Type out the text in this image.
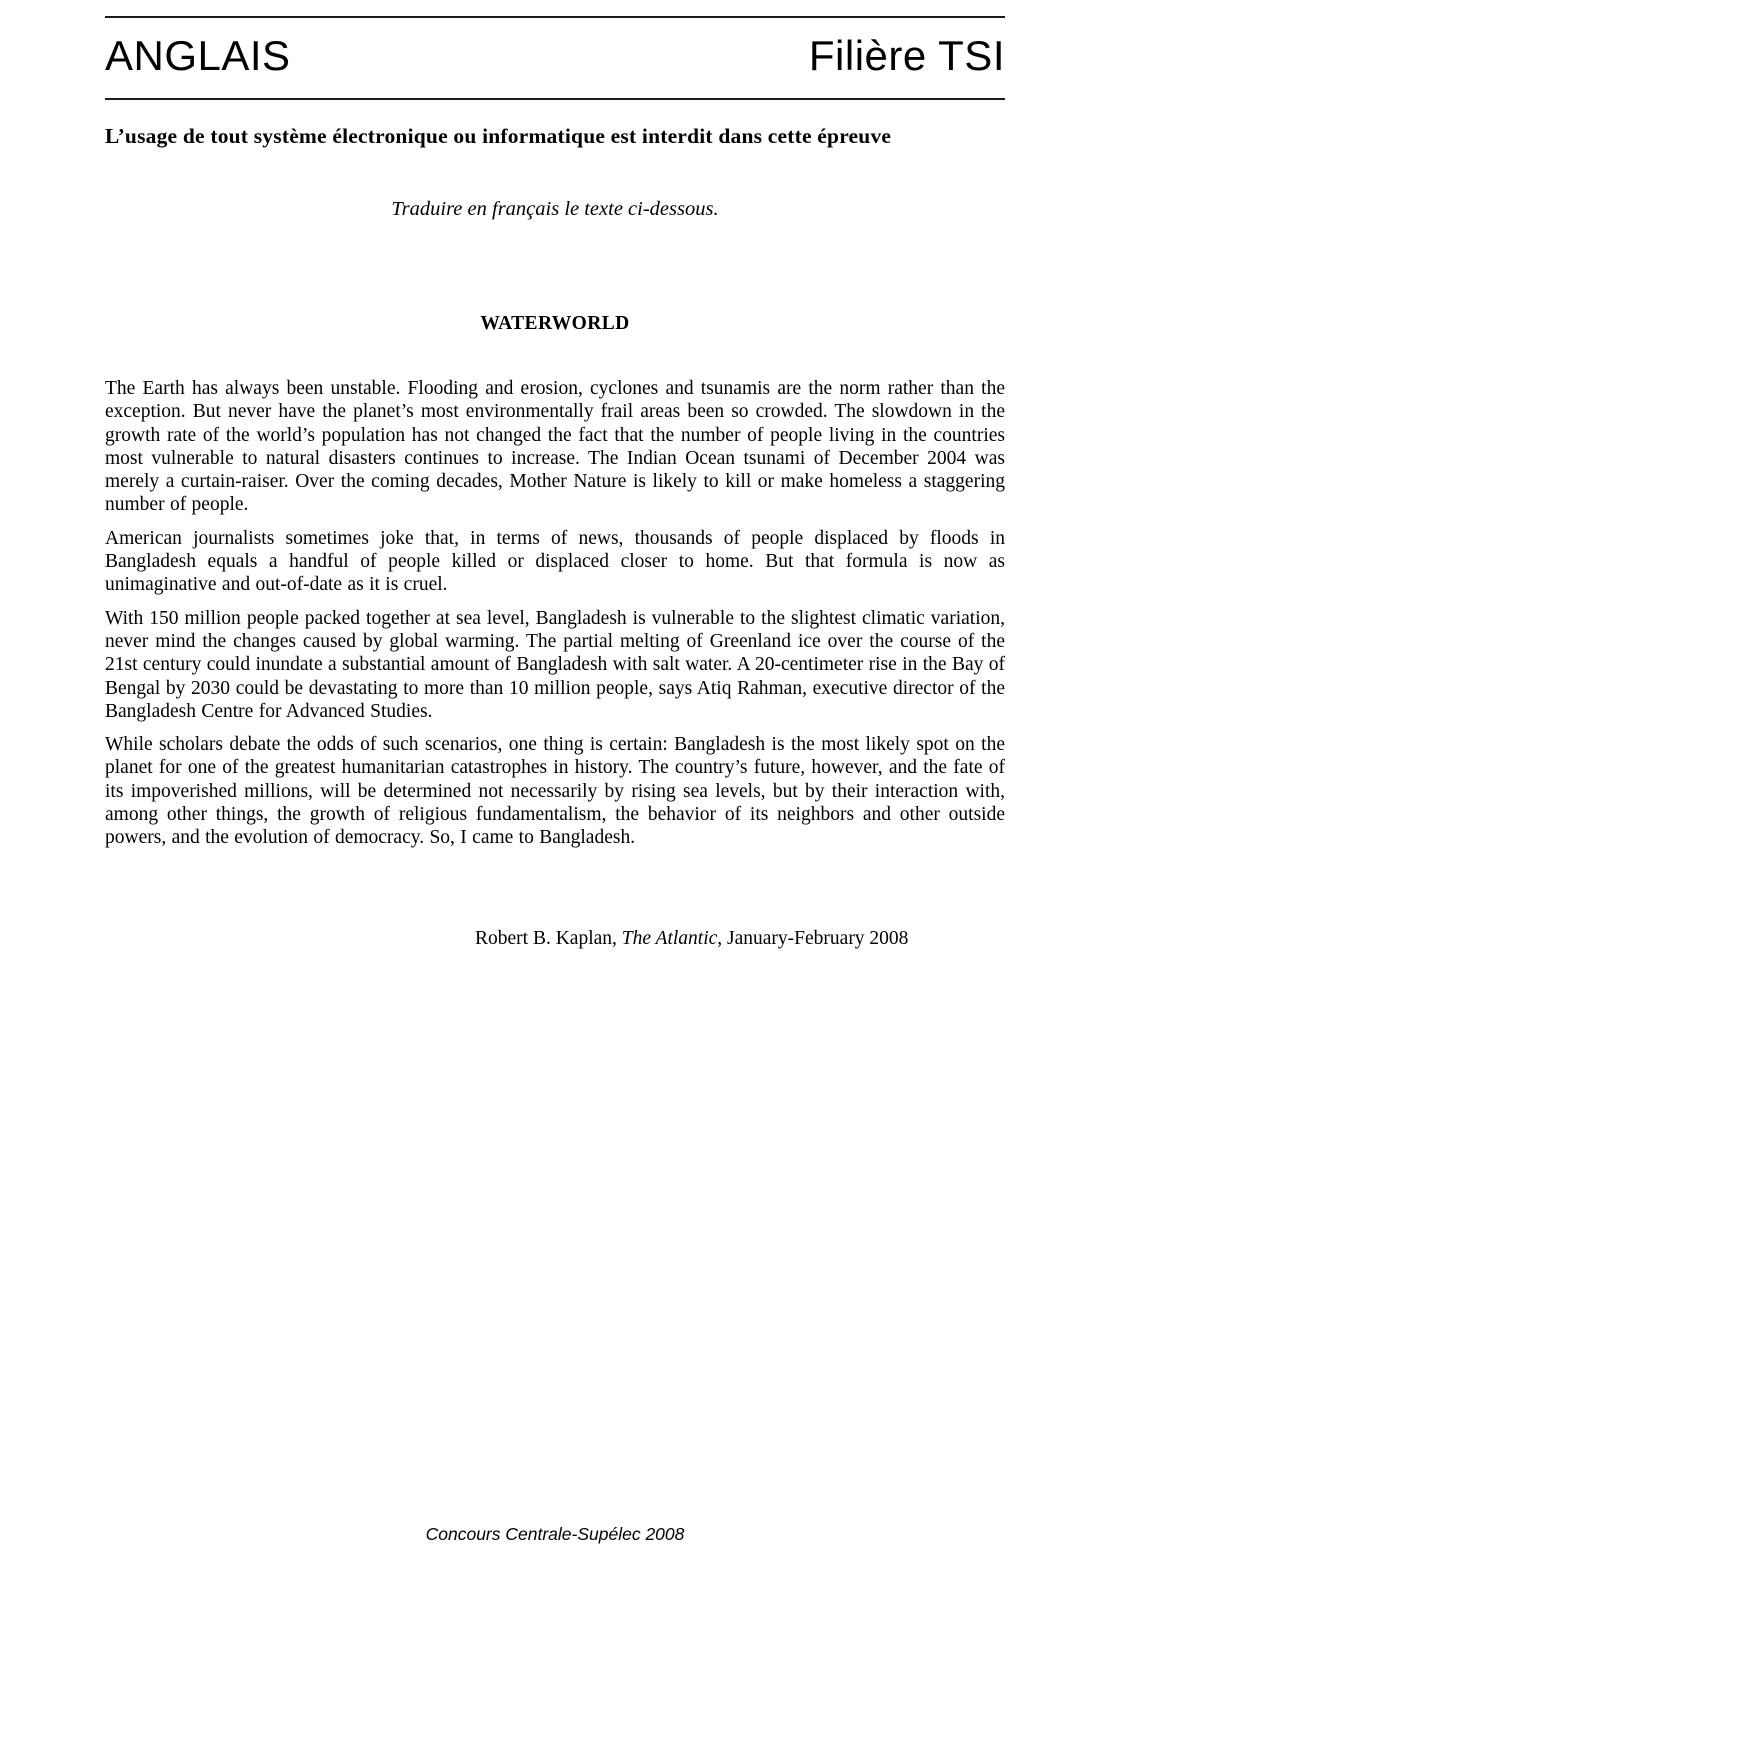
ANGLAIS	Filière TSI

L’usage de tout système électronique ou informatique est interdit dans cette épreuve

Traduire en français le texte ci-dessous.

WATERWORLD

The Earth has always been unstable. Flooding and erosion, cyclones and tsunamis are the norm rather than the exception. But never have the planet’s most environmentally frail areas been so crowded. The slowdown in the growth rate of the world’s population has not changed the fact that the number of people living in the countries most vulnerable to natural disasters continues to increase. The Indian Ocean tsunami of December 2004 was merely a curtain-raiser. Over the coming decades, Mother Nature is likely to kill or make homeless a staggering number of people.

American journalists sometimes joke that, in terms of news, thousands of people displaced by floods in Bangladesh equals a handful of people killed or displaced closer to home. But that formula is now as unimaginative and out-of-date as it is cruel.

With 150 million people packed together at sea level, Bangladesh is vulnerable to the slightest climatic variation, never mind the changes caused by global warming. The partial melting of Greenland ice over the course of the 21st century could inundate a substantial amount of Bangladesh with salt water. A 20-centimeter rise in the Bay of Bengal by 2030 could be devastating to more than 10 million people, says Atiq Rahman, executive director of the Bangladesh Centre for Advanced Studies.

While scholars debate the odds of such scenarios, one thing is certain: Bangladesh is the most likely spot on the planet for one of the greatest humanitarian catastrophes in history. The country’s future, however, and the fate of its impoverished millions, will be determined not necessarily by rising sea levels, but by their interaction with, among other things, the growth of religious fundamentalism, the behavior of its neighbors and other outside powers, and the evolution of democracy. So, I came to Bangladesh.

Robert B. Kaplan, The Atlantic, January-February 2008

Concours Centrale-Supélec 2008
